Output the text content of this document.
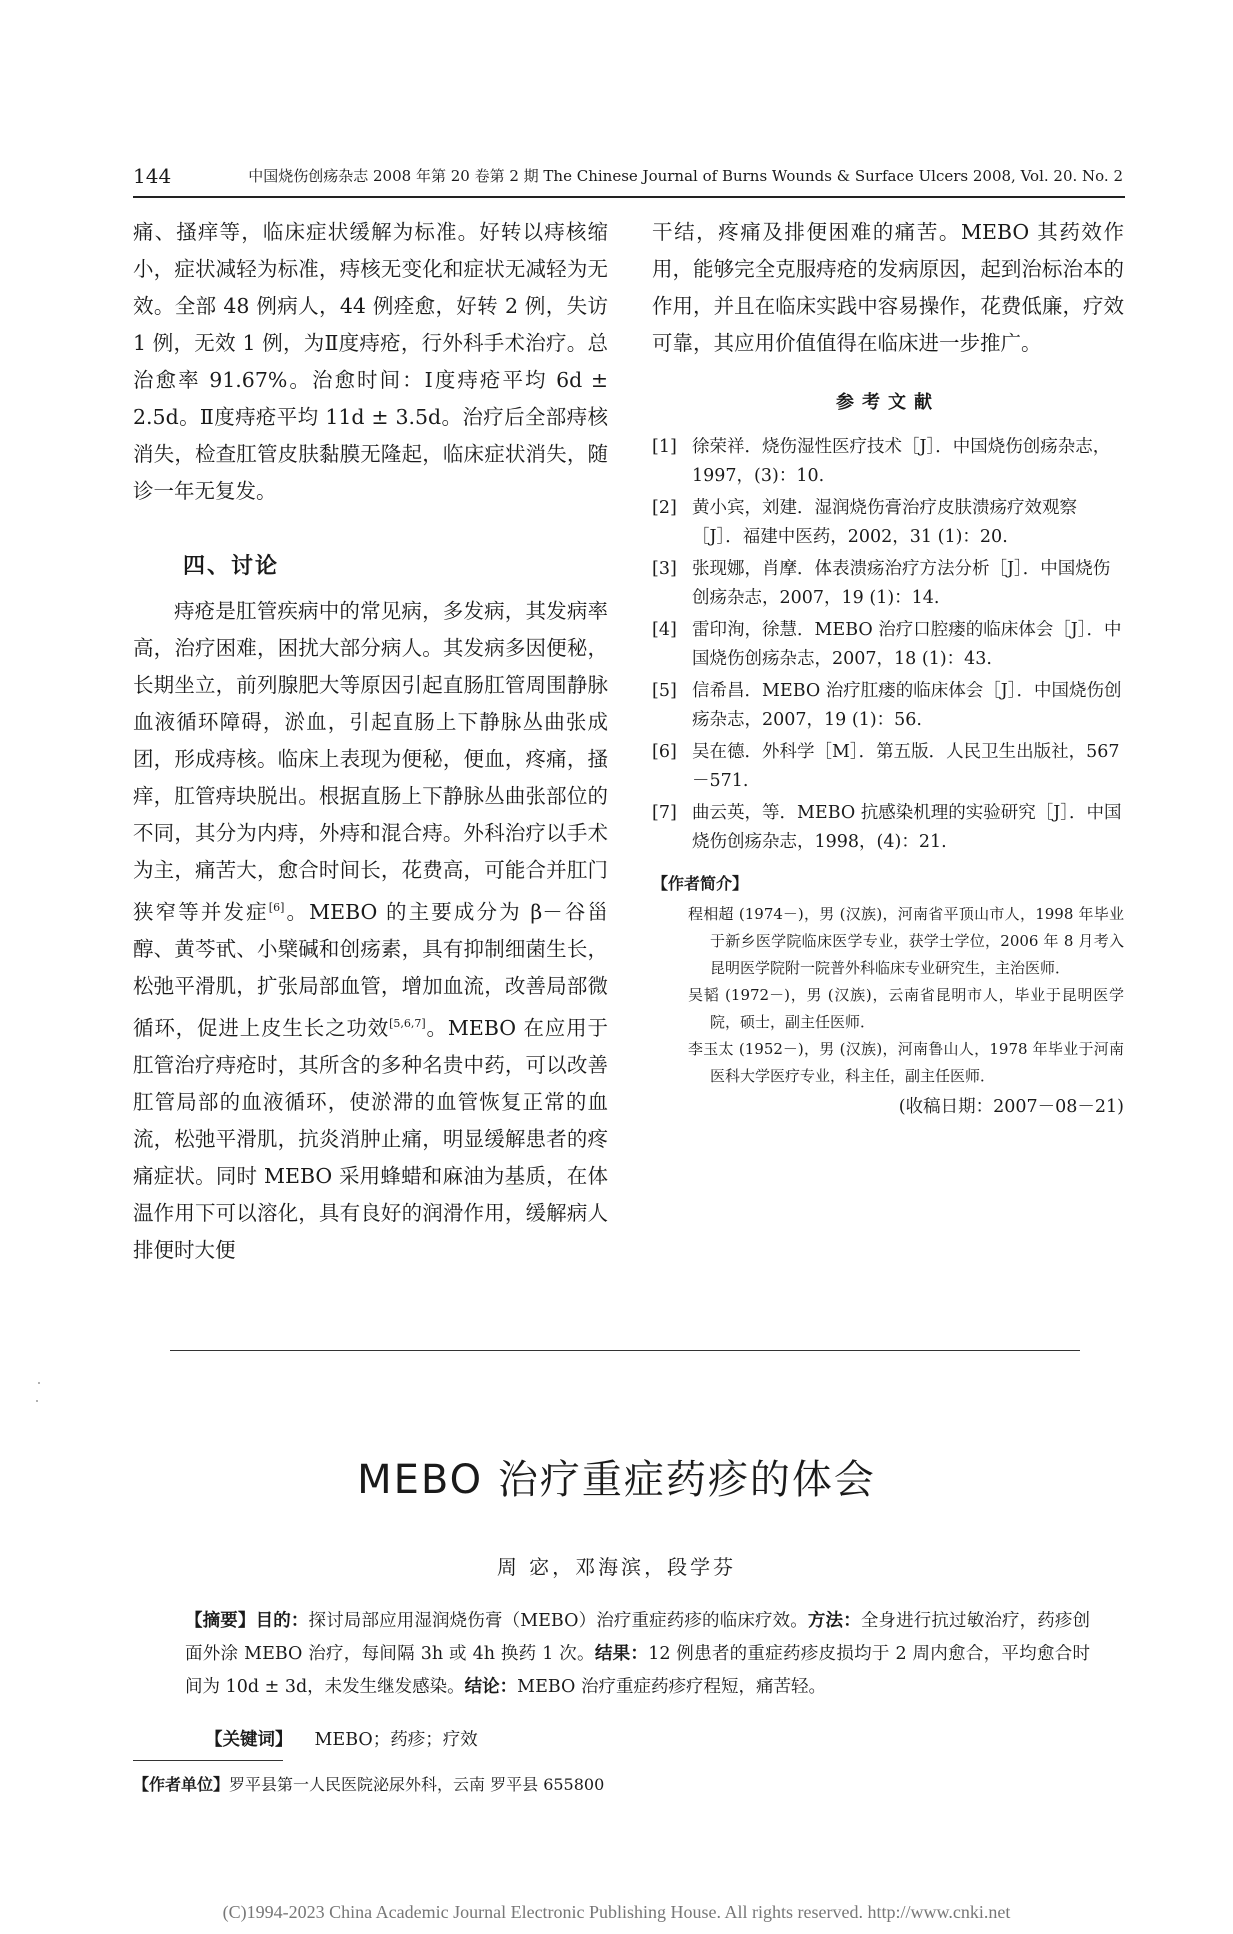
144	中国烧伤创疡杂志 2008 年第 20 卷第 2 期 The Chinese Journal of Burns Wounds & Surface Ulcers 2008, Vol. 20. No. 2

痛、搔痒等，临床症状缓解为标准。好转以痔核缩小，症状减轻为标准，痔核无变化和症状无减轻为无效。全部 48 例病人，44 例痊愈，好转 2 例，失访 1 例，无效 1 例，为Ⅱ度痔疮，行外科手术治疗。总治愈率 91.67%。治愈时间：Ⅰ度痔疮平均 6d ± 2.5d。Ⅱ度痔疮平均 11d ± 3.5d。治疗后全部痔核消失，检查肛管皮肤黏膜无隆起，临床症状消失，随诊一年无复发。

四、讨论

痔疮是肛管疾病中的常见病，多发病，其发病率高，治疗困难，困扰大部分病人。其发病多因便秘，长期坐立，前列腺肥大等原因引起直肠肛管周围静脉血液循环障碍，淤血，引起直肠上下静脉丛曲张成团，形成痔核。临床上表现为便秘，便血，疼痛，搔痒，肛管痔块脱出。根据直肠上下静脉丛曲张部位的不同，其分为内痔，外痔和混合痔。外科治疗以手术为主，痛苦大，愈合时间长，花费高，可能合并肛门狭窄等并发症[6]。MEBO 的主要成分为 β－谷甾醇、黄芩甙、小檗碱和创疡素，具有抑制细菌生长，松弛平滑肌，扩张局部血管，增加血流，改善局部微循环，促进上皮生长之功效[5,6,7]。MEBO 在应用于肛管治疗痔疮时，其所含的多种名贵中药，可以改善肛管局部的血液循环，使淤滞的血管恢复正常的血流，松弛平滑肌，抗炎消肿止痛，明显缓解患者的疼痛症状。同时 MEBO 采用蜂蜡和麻油为基质，在体温作用下可以溶化，具有良好的润滑作用，缓解病人排便时大便

干结，疼痛及排便困难的痛苦。MEBO 其药效作用，能够完全克服痔疮的发病原因，起到治标治本的作用，并且在临床实践中容易操作，花费低廉，疗效可靠，其应用价值值得在临床进一步推广。

参考文献

[1] 徐荣祥．烧伤湿性医疗技术［J］．中国烧伤创疡杂志，1997，(3)：10.
[2] 黄小宾，刘建．湿润烧伤膏治疗皮肤溃疡疗效观察［J］．福建中医药，2002，31 (1)：20.
[3] 张现娜，肖摩．体表溃疡治疗方法分析［J］．中国烧伤创疡杂志，2007，19 (1)：14.
[4] 雷印洵，徐慧．MEBO 治疗口腔瘘的临床体会［J］．中国烧伤创疡杂志，2007，18 (1)：43.
[5] 信希昌．MEBO 治疗肛瘘的临床体会［J］．中国烧伤创疡杂志，2007，19 (1)：56.
[6] 吴在德．外科学［M］．第五版．人民卫生出版社，567－571.
[7] 曲云英，等．MEBO 抗感染机理的实验研究［J］．中国烧伤创疡杂志，1998，(4)：21.

【作者简介】

程相超 (1974－)，男 (汉族)，河南省平顶山市人，1998 年毕业于新乡医学院临床医学专业，获学士学位，2006 年 8 月考入昆明医学院附一院普外科临床专业研究生，主治医师．
吴韬 (1972－)，男 (汉族)，云南省昆明市人，毕业于昆明医学院，硕士，副主任医师．
李玉太 (1952－)，男 (汉族)，河南鲁山人，1978 年毕业于河南医科大学医疗专业，科主任，副主任医师．
(收稿日期：2007－08－21)
MEBO 治疗重症药疹的体会
周 宓，邓海滨，段学芬
【摘要】目的：探讨局部应用湿润烧伤膏（MEBO）治疗重症药疹的临床疗效。方法：全身进行抗过敏治疗，药疹创面外涂 MEBO 治疗，每间隔 3h 或 4h 换药 1 次。结果：12 例患者的重症药疹皮损均于 2 周内愈合，平均愈合时间为 10d ± 3d，未发生继发感染。结论：MEBO 治疗重症药疹疗程短，痛苦轻。
【关键词】 MEBO；药疹；疗效
【作者单位】罗平县第一人民医院泌尿外科，云南 罗平县 655800
(C)1994-2023 China Academic Journal Electronic Publishing House. All rights reserved. http://www.cnki.net
